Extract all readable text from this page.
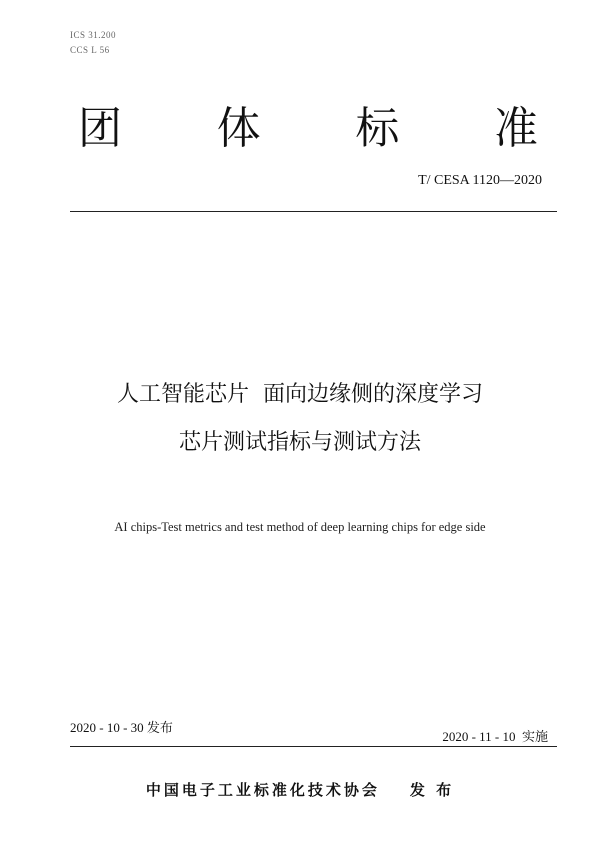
ICS 31.200
CCS L 56
团 体 标 准
T/ CESA 1120—2020
人工智能芯片  面向边缘侧的深度学习
芯片测试指标与测试方法
AI chips-Test metrics and test method of deep learning chips for edge side
2020 - 10 - 30 发布
2020 - 11 - 10  实施
中国电子工业标准化技术协会 发 布
